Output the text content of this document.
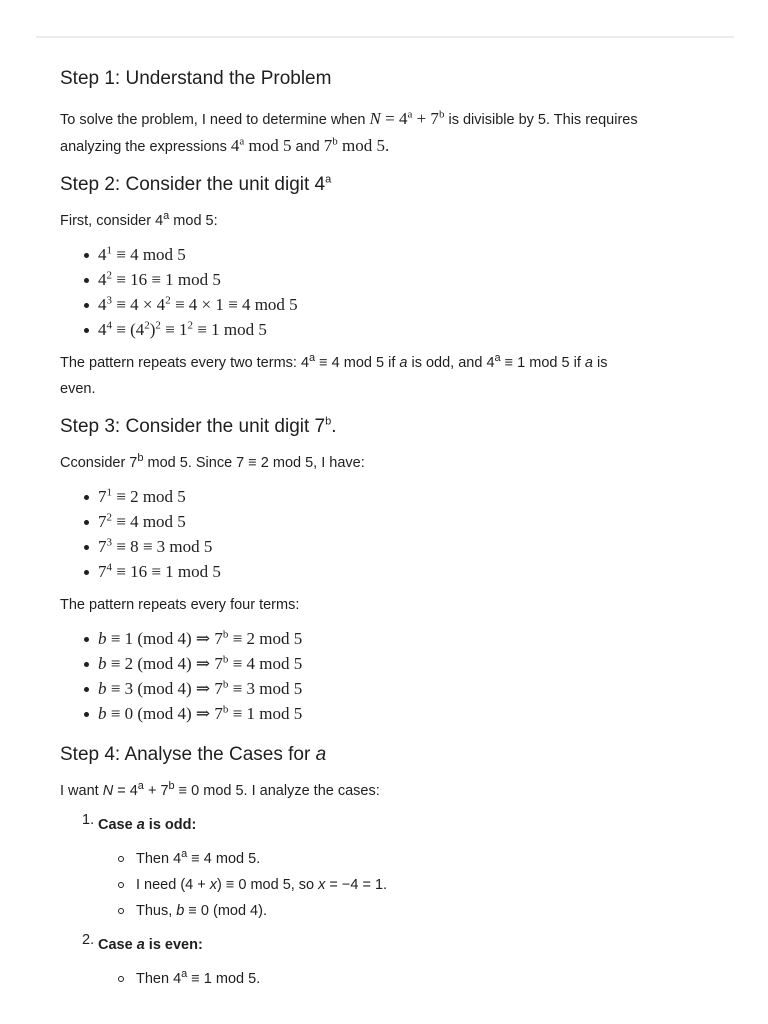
Step 1: Understand the Problem

To solve the problem, I need to determine when $N = 4^a + 7^b$ is divisible by 5. This requires
analyzing the expressions 4$^a$ mod 5 and 7$^b$ mod 5.

Step 2: Consider the unit digit 4$^a$

First, consider 4$^a$ mod 5:

$4^1 \equiv 4$ mod 5
$4^2 \equiv 16 \equiv 1$ mod 5
$4^3 \equiv 4 \times 4^2 \equiv 4 \times 1 \equiv 4$ mod 5
$4^4 \equiv (4^2)^2 \equiv 1^2 \equiv 1$ mod 5

The pattern repeats every two terms: $4^a \equiv 4$ mod 5 if a is odd, and $4^a \equiv 1$ mod 5 if a is
even.

Step 3: Consider the unit digit 7$^b$.

Cconsider 7$^b$ mod 5. Since 7 ≡ 2 mod 5, I have:

$7^1 \equiv 2$ mod 5
$7^2 \equiv 4$ mod 5
$7^3 \equiv 8 \equiv 3$ mod 5
$7^4 \equiv 16 \equiv 1$ mod 5

The pattern repeats every four terms:

b ≡ 1 (mod 4) ⇒ $7^b \equiv 2$ mod 5
b ≡ 2 (mod 4) ⇒ $7^b \equiv 4$ mod 5
b ≡ 3 (mod 4) ⇒ $7^b \equiv 3$ mod 5
b ≡ 0 (mod 4) ⇒ $7^b \equiv 1$ mod 5
Step 4: Analyse the Cases for a

I want $N = 4^a + 7^b \equiv 0$ mod 5. I analyze the cases:

1. Case a is odd:
Then $4^a \equiv 4$ mod 5.
I need (4 + x) ≡ 0 mod 5, so x = −4 = 1.
Thus, b ≡ 0 (mod 4).
2. Case a is even:
Then $4^a \equiv 1$ mod 5.
